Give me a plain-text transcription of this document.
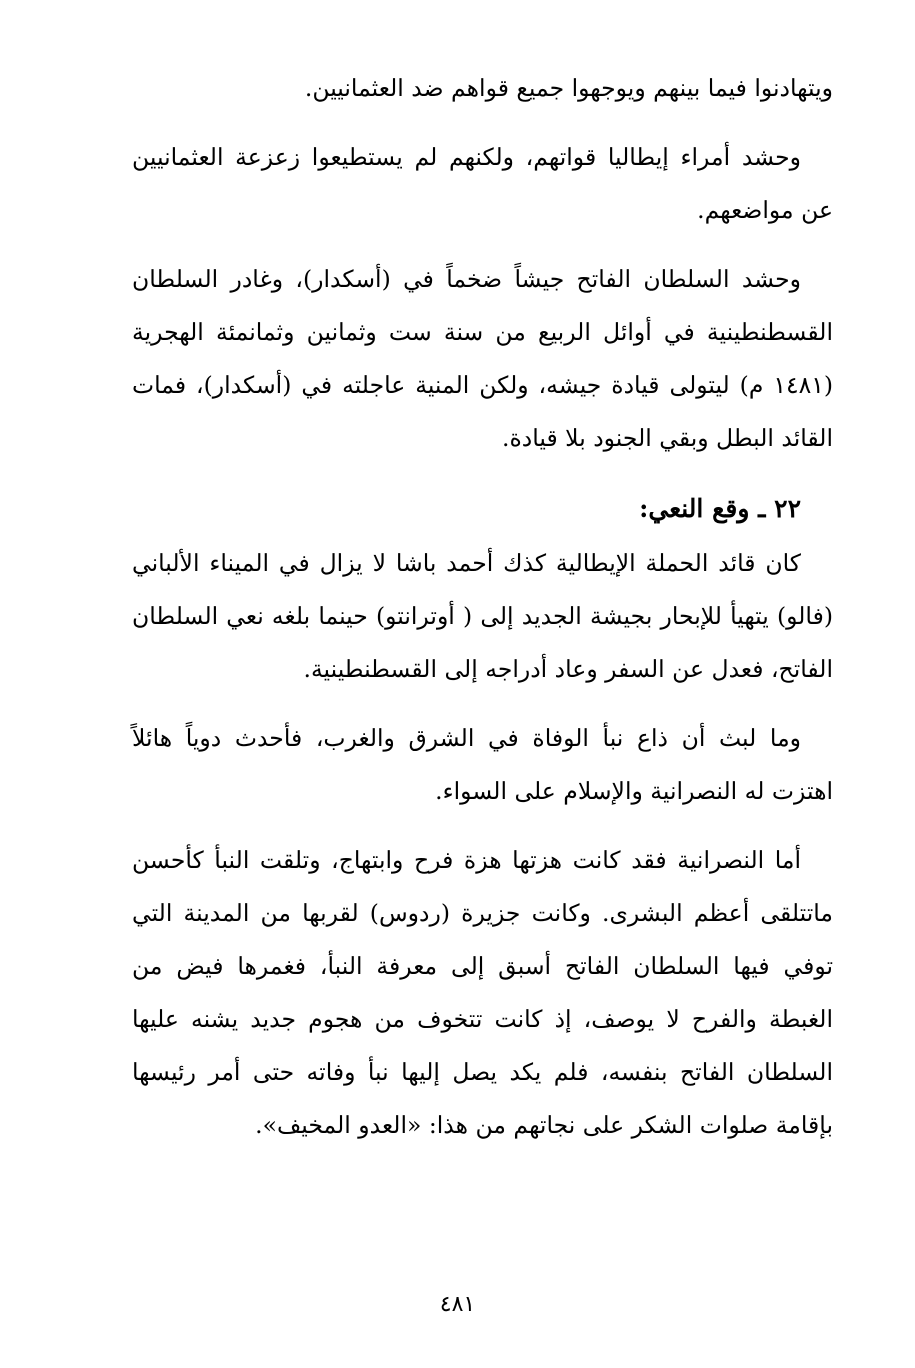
ويتهادنوا فيما بينهم ويوجهوا جميع قواهم ضد العثمانيين.

وحشد أمراء إيطاليا قواتهم، ولكنهم لم يستطيعوا زعزعة العثمانيين عن مواضعهم.

وحشد السلطان الفاتح جيشاً ضخماً في (أسكدار)، وغادر السلطان القسطنطينية في أوائل الربيع من سنة ست وثمانين وثمانمئة الهجرية (١٤٨١ م) ليتولى قيادة جيشه، ولكن المنية عاجلته في (أسكدار)، فمات القائد البطل وبقي الجنود بلا قيادة.

٢٢ ـ وقع النعي:

كان قائد الحملة الإيطالية كذك أحمد باشا لا يزال في الميناء الألباني (فالو) يتهيأ للإبحار بجيشة الجديد إلى ( أوترانتو) حينما بلغه نعي السلطان الفاتح، فعدل عن السفر وعاد أدراجه إلى القسطنطينية.

وما لبث أن ذاع نبأ الوفاة في الشرق والغرب، فأحدث دوياً هائلاً اهتزت له النصرانية والإسلام على السواء.

أما النصرانية فقد كانت هزتها هزة فرح وابتهاج، وتلقت النبأ كأحسن ماتتلقى أعظم البشرى. وكانت جزيرة (ردوس) لقربها من المدينة التي توفي فيها السلطان الفاتح أسبق إلى معرفة النبأ، فغمرها فيض من الغبطة والفرح لا يوصف، إذ كانت تتخوف من هجوم جديد يشنه عليها السلطان الفاتح بنفسه، فلم يكد يصل إليها نبأ وفاته حتى أمر رئيسها بإقامة صلوات الشكر على نجاتهم من هذا: «العدو المخيف».

٤٨١
